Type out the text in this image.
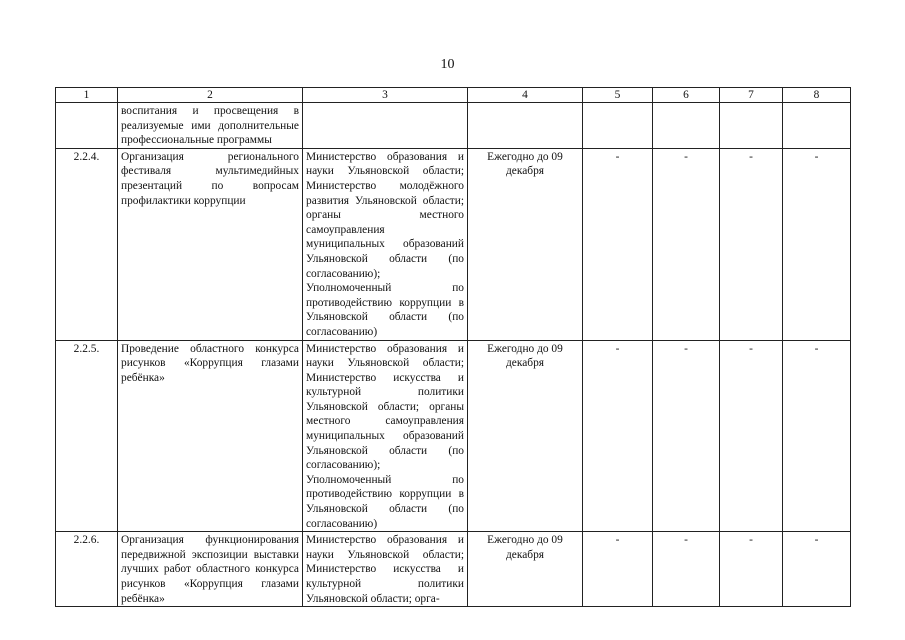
10
1	2	3	4	5	6	7	8
	воспитания и просвещения в реализуемые ими дополнительные профессиональные программы						
2.2.4.	Организация регионального фестиваля мультимедийных презентаций по вопросам профилактики коррупции	Министерство образования и науки Ульяновской области; Министерство молодёжного развития Ульяновской области; органы местного самоуправления муниципальных образований Ульяновской области (по согласованию); Уполномоченный по противодействию коррупции в Ульяновской области (по согласованию)	Ежегодно до 09 декабря	-	-	-	-
2.2.5.	Проведение областного конкурса рисунков «Коррупция глазами ребёнка»	Министерство образования и науки Ульяновской области; Министерство искусства и культурной политики Ульяновской области; органы местного самоуправления муниципальных образований Ульяновской области (по согласованию); Уполномоченный по противодействию коррупции в Ульяновской области (по согласованию)	Ежегодно до 09 декабря	-	-	-	-
2.2.6.	Организация функционирования передвижной экспозиции выставки лучших работ областного конкурса рисунков «Коррупция глазами ребёнка»	Министерство образования и науки Ульяновской области; Министерство искусства и культурной политики Ульяновской области; орга-	Ежегодно до 09 декабря	-	-	-	-
